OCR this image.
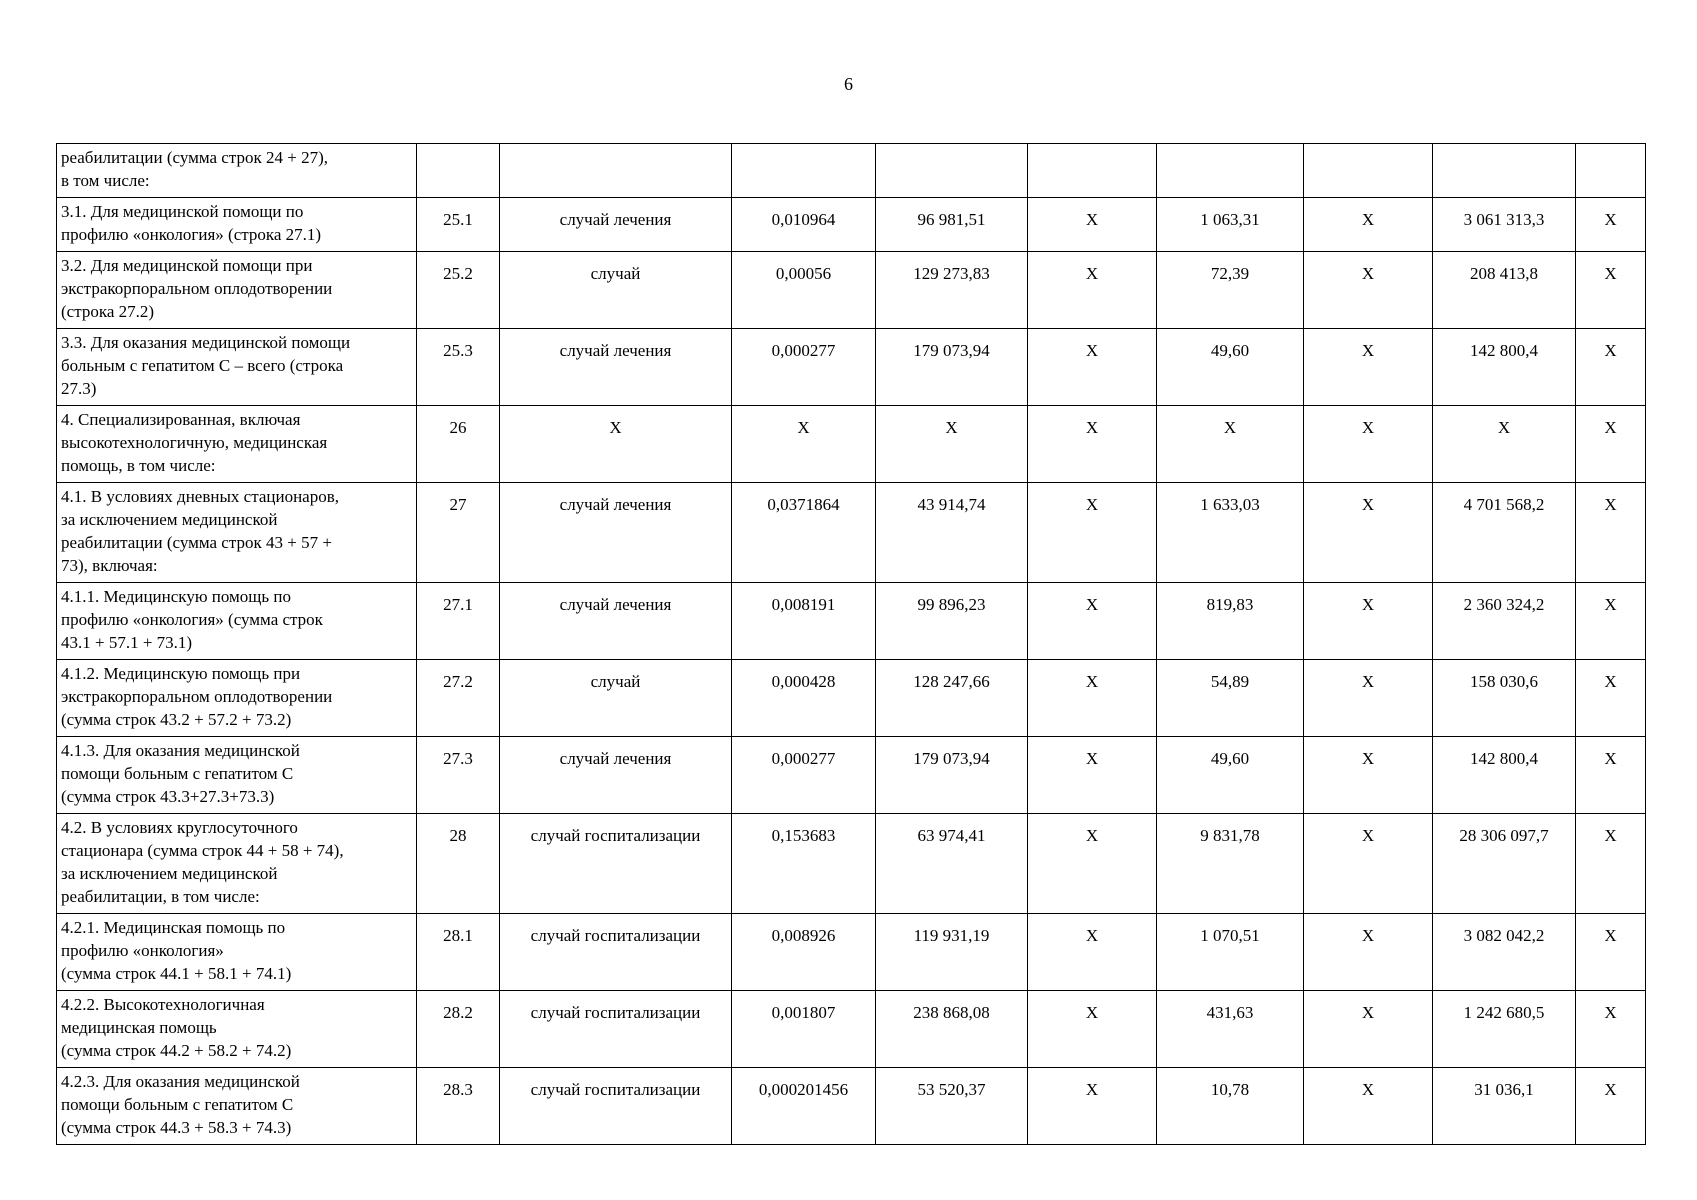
6
реабилитации (сумма строк 24 + 27),
в том числе:									
3.1. Для медицинской помощи по
профилю «онкология» (строка 27.1)	25.1	случай лечения	0,010964	96 981,51	Х	1 063,31	Х	3 061 313,3	Х
3.2. Для медицинской помощи при
экстракорпоральном оплодотворении
(строка 27.2)	25.2	случай	0,00056	129 273,83	Х	72,39	Х	208 413,8	Х
3.3. Для оказания медицинской помощи
больным с гепатитом С – всего (строка
27.3)	25.3	случай лечения	0,000277	179 073,94	Х	49,60	Х	142 800,4	Х
4. Специализированная, включая
высокотехнологичную, медицинская
помощь, в том числе:	26	Х	Х	Х	Х	Х	Х	Х	Х
4.1. В условиях дневных стационаров,
за исключением медицинской
реабилитации (сумма строк 43 + 57 +
73), включая:	27	случай лечения	0,0371864	43 914,74	Х	1 633,03	Х	4 701 568,2	Х
4.1.1. Медицинскую помощь по
профилю «онкология» (сумма строк
43.1 + 57.1 + 73.1)	27.1	случай лечения	0,008191	99 896,23	Х	819,83	Х	2 360 324,2	Х
4.1.2. Медицинскую помощь при
экстракорпоральном оплодотворении
(сумма строк 43.2 + 57.2 + 73.2)	27.2	случай	0,000428	128 247,66	Х	54,89	Х	158 030,6	Х
4.1.3. Для оказания медицинской
помощи больным с гепатитом С
(сумма строк 43.3+27.3+73.3)	27.3	случай лечения	0,000277	179 073,94	Х	49,60	Х	142 800,4	Х
4.2. В условиях круглосуточного
стационара (сумма строк 44 + 58 + 74),
за исключением медицинской
реабилитации, в том числе:	28	случай госпитализации	0,153683	63 974,41	Х	9 831,78	Х	28 306 097,7	Х
4.2.1. Медицинская помощь по
профилю «онкология»
(сумма строк 44.1 + 58.1 + 74.1)	28.1	случай госпитализации	0,008926	119 931,19	Х	1 070,51	Х	3 082 042,2	Х
4.2.2. Высокотехнологичная
медицинская помощь
(сумма строк 44.2 + 58.2 + 74.2)	28.2	случай госпитализации	0,001807	238 868,08	Х	431,63	Х	1 242 680,5	Х
4.2.3. Для оказания медицинской
помощи больным с гепатитом С
(сумма строк 44.3 + 58.3 + 74.3)	28.3	случай госпитализации	0,000201456	53 520,37	Х	10,78	Х	31 036,1	Х
